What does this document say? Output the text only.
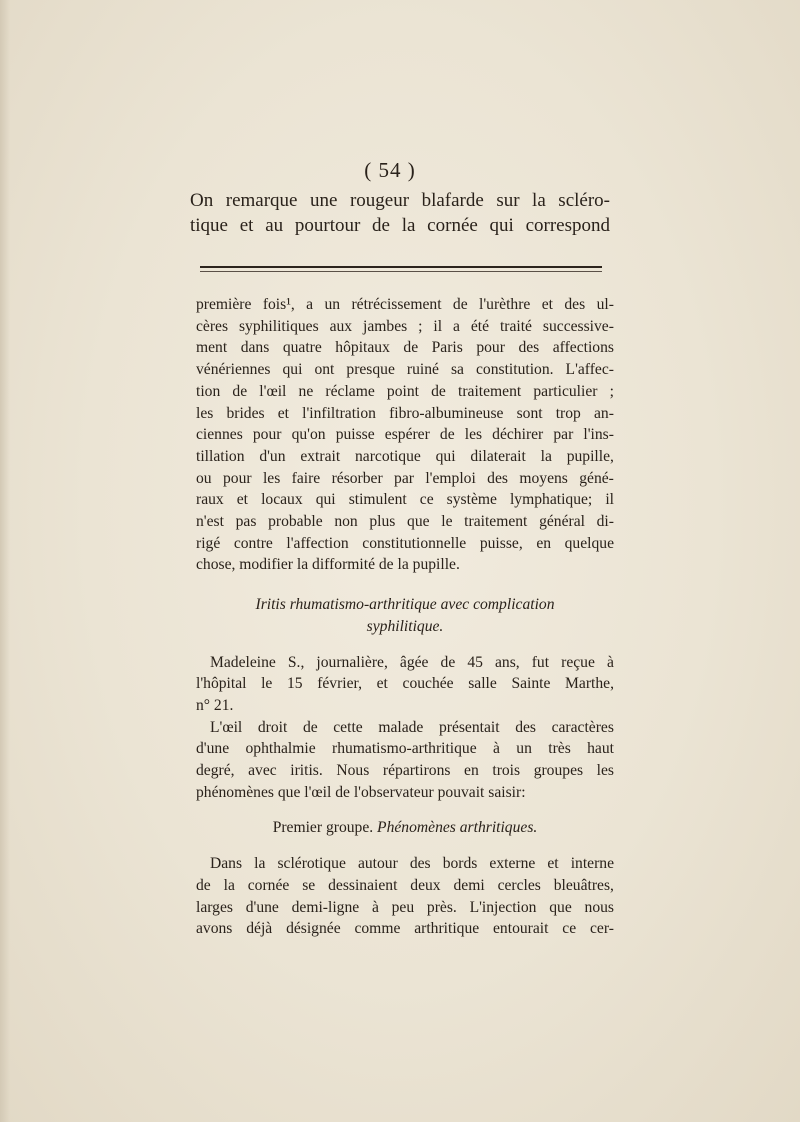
( 54 )
On remarque une rougeur blafarde sur la scléro-
tique et au pourtour de la cornée qui correspond
première fois¹, a un rétrécissement de l'urèthre et des ul-
cères syphilitiques aux jambes ; il a été traité successive-
ment dans quatre hôpitaux de Paris pour des affections
vénériennes qui ont presque ruiné sa constitution. L'affec-
tion de l'œil ne réclame point de traitement particulier ;
les brides et l'infiltration fibro-albumineuse sont trop an-
ciennes pour qu'on puisse espérer de les déchirer par l'ins-
tillation d'un extrait narcotique qui dilaterait la pupille,
ou pour les faire résorber par l'emploi des moyens géné-
raux et locaux qui stimulent ce système lymphatique; il
n'est pas probable non plus que le traitement général di-
rigé contre l'affection constitutionnelle puisse, en quelque
chose, modifier la difformité de la pupille.
Iritis rhumatismo-arthritique avec complication
syphilitique.
Madeleine S., journalière, âgée de 45 ans, fut reçue à
l'hôpital le 15 février, et couchée salle Sainte Marthe,
n° 21.
L'œil droit de cette malade présentait des caractères
d'une ophthalmie rhumatismo-arthritique à un très haut
degré, avec iritis. Nous répartirons en trois groupes les
phénomènes que l'œil de l'observateur pouvait saisir:
Premier groupe. Phénomènes arthritiques.
Dans la sclérotique autour des bords externe et interne
de la cornée se dessinaient deux demi cercles bleuâtres,
larges d'une demi-ligne à peu près. L'injection que nous
avons déjà désignée comme arthritique entourait ce cer-
